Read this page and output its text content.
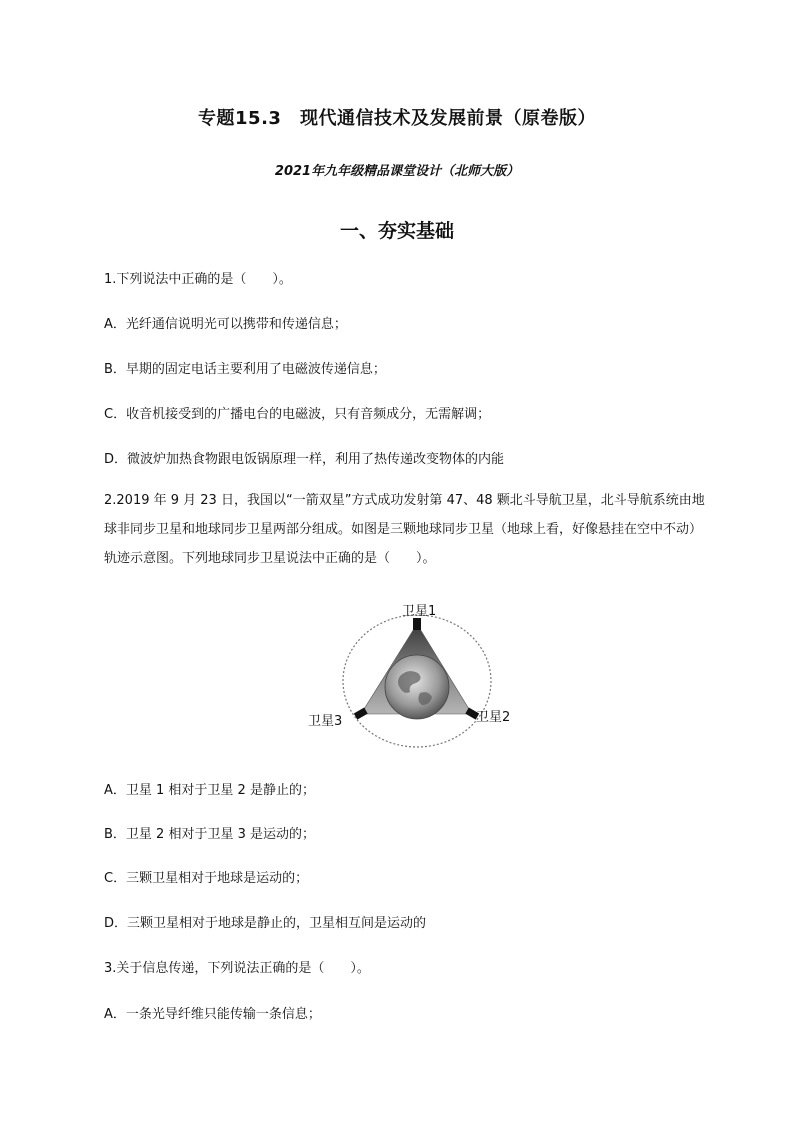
专题15.3　现代通信技术及发展前景（原卷版）
2021年九年级精品课堂设计（北师大版）
一、夯实基础
1.下列说法中正确的是（　　）。
A．光纤通信说明光可以携带和传递信息；
B．早期的固定电话主要利用了电磁波传递信息；
C．收音机接受到的广播电台的电磁波，只有音频成分，无需解调；
D．微波炉加热食物跟电饭锅原理一样，利用了热传递改变物体的内能
2.2019 年 9 月 23 日，我国以“一箭双星”方式成功发射第 47、48 颗北斗导航卫星，北斗导航系统由地球非同步卫星和地球同步卫星两部分组成。如图是三颗地球同步卫星（地球上看，好像悬挂在空中不动）轨迹示意图。下列地球同步卫星说法中正确的是（　　）。
卫星1
卫星2
卫星3
A．卫星 1 相对于卫星 2 是静止的；
B．卫星 2 相对于卫星 3 是运动的；
C．三颗卫星相对于地球是运动的；
D．三颗卫星相对于地球是静止的，卫星相互间是运动的
3.关于信息传递，下列说法正确的是（　　）。
A．一条光导纤维只能传输一条信息；
